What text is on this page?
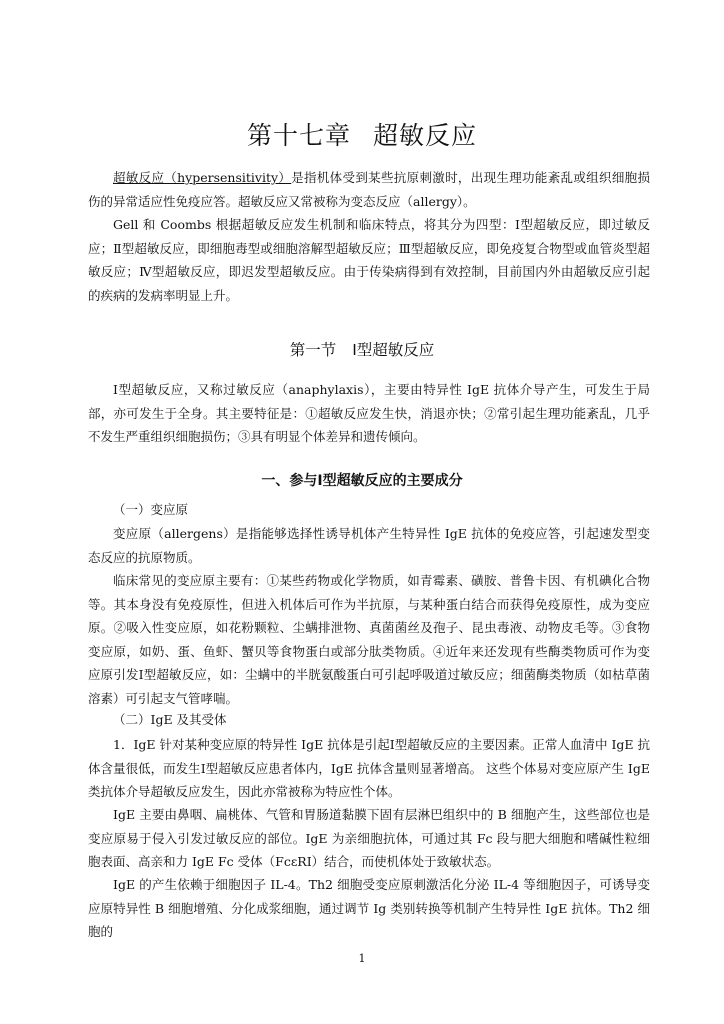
第十七章 超敏反应

超敏反应（hypersensitivity）是指机体受到某些抗原刺激时，出现生理功能紊乱或组织细胞损伤的异常适应性免疫应答。超敏反应又常被称为变态反应（allergy）。

Gell 和 Coombs 根据超敏反应发生机制和临床特点，将其分为四型：Ⅰ型超敏反应，即过敏反应；Ⅱ型超敏反应，即细胞毒型或细胞溶解型超敏反应；Ⅲ型超敏反应，即免疫复合物型或血管炎型超敏反应；Ⅳ型超敏反应，即迟发型超敏反应。由于传染病得到有效控制，目前国内外由超敏反应引起的疾病的发病率明显上升。

第一节 Ⅰ型超敏反应

Ⅰ型超敏反应，又称过敏反应（anaphylaxis），主要由特异性 IgE 抗体介导产生，可发生于局部，亦可发生于全身。其主要特征是：①超敏反应发生快，消退亦快；②常引起生理功能紊乱，几乎不发生严重组织细胞损伤；③具有明显个体差异和遗传倾向。

一、参与Ⅰ型超敏反应的主要成分

（一）变应原

变应原（allergens）是指能够选择性诱导机体产生特异性 IgE 抗体的免疫应答，引起速发型变态反应的抗原物质。

临床常见的变应原主要有：①某些药物或化学物质，如青霉素、磺胺、普鲁卡因、有机碘化合物等。其本身没有免疫原性，但进入机体后可作为半抗原，与某种蛋白结合而获得免疫原性，成为变应原。②吸入性变应原，如花粉颗粒、尘螨排泄物、真菌菌丝及孢子、昆虫毒液、动物皮毛等。③食物变应原，如奶、蛋、鱼虾、蟹贝等食物蛋白或部分肽类物质。④近年来还发现有些酶类物质可作为变应原引发Ⅰ型超敏反应，如：尘螨中的半胱氨酸蛋白可引起呼吸道过敏反应；细菌酶类物质（如枯草菌溶素）可引起支气管哮喘。

（二）IgE 及其受体

1．IgE 针对某种变应原的特异性 IgE 抗体是引起Ⅰ型超敏反应的主要因素。正常人血清中 IgE 抗体含量很低，而发生Ⅰ型超敏反应患者体内，IgE 抗体含量则显著增高。 这些个体易对变应原产生 IgE 类抗体介导超敏反应发生，因此亦常被称为特应性个体。

IgE 主要由鼻咽、扁桃体、气管和胃肠道黏膜下固有层淋巴组织中的 B 细胞产生，这些部位也是变应原易于侵入引发过敏反应的部位。IgE 为亲细胞抗体，可通过其 Fc 段与肥大细胞和嗜碱性粒细胞表面、高亲和力 IgE Fc 受体（FcεRI）结合，而使机体处于致敏状态。

IgE 的产生依赖于细胞因子 IL-4。Th2 细胞受变应原刺激活化分泌 IL-4 等细胞因子，可诱导变应原特异性 B 细胞增殖、分化成浆细胞，通过调节 Ig 类别转换等机制产生特异性 IgE 抗体。Th2 细胞的

1
